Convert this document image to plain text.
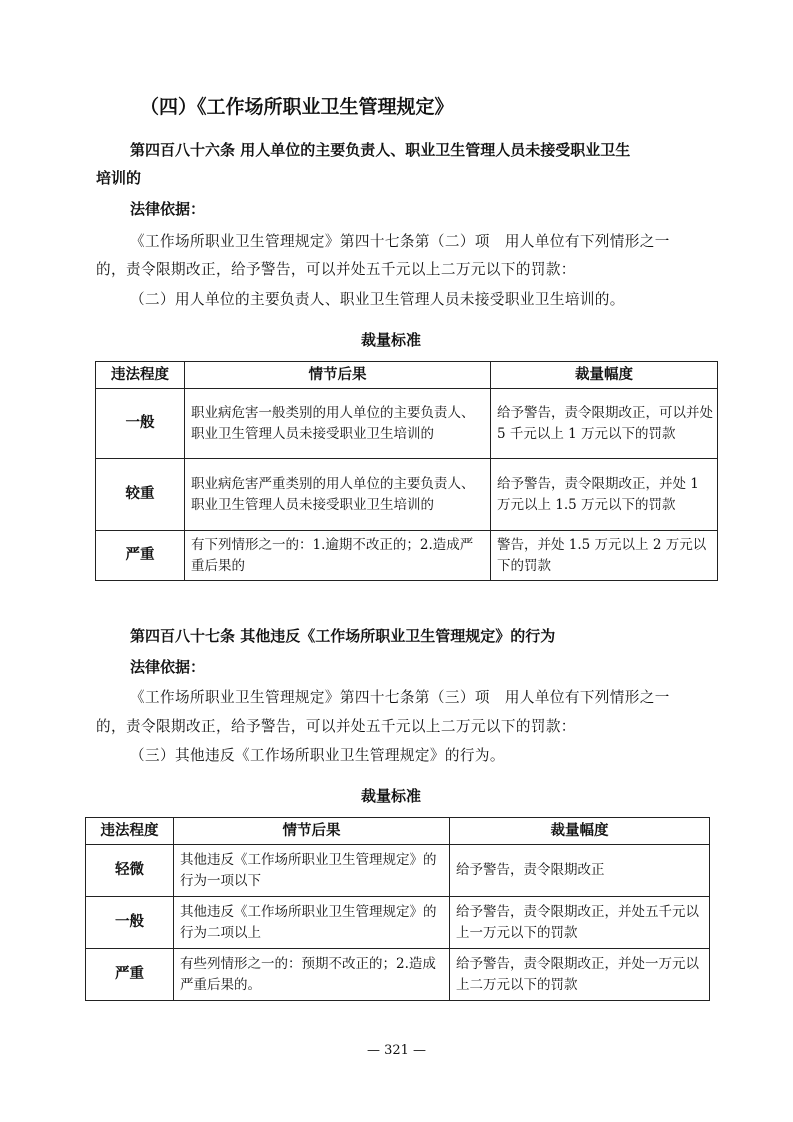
（四）《工作场所职业卫生管理规定》
第四百八十六条 用人单位的主要负责人、职业卫生管理人员未接受职业卫生
培训的
法律依据：
《工作场所职业卫生管理规定》第四十七条第（二）项　用人单位有下列情形之一
的，责令限期改正，给予警告，可以并处五千元以上二万元以下的罚款：
（二）用人单位的主要负责人、职业卫生管理人员未接受职业卫生培训的。
裁量标准
违法程度	情节后果	裁量幅度
一般	职业病危害一般类别的用人单位的主要负责人、职业卫生管理人员未接受职业卫生培训的	给予警告，责令限期改正，可以并处 5 千元以上 1 万元以下的罚款
较重	职业病危害严重类别的用人单位的主要负责人、职业卫生管理人员未接受职业卫生培训的	给予警告，责令限期改正，并处 1 万元以上 1.5 万元以下的罚款
严重	有下列情形之一的：1.逾期不改正的；2.造成严重后果的	警告，并处 1.5 万元以上 2 万元以下的罚款
第四百八十七条 其他违反《工作场所职业卫生管理规定》的行为
法律依据：
《工作场所职业卫生管理规定》第四十七条第（三）项　用人单位有下列情形之一
的，责令限期改正，给予警告，可以并处五千元以上二万元以下的罚款：
（三）其他违反《工作场所职业卫生管理规定》的行为。
裁量标准
违法程度	情节后果	裁量幅度
轻微	其他违反《工作场所职业卫生管理规定》的行为一项以下	给予警告，责令限期改正
一般	其他违反《工作场所职业卫生管理规定》的行为二项以上	给予警告，责令限期改正，并处五千元以上一万元以下的罚款
严重	有些列情形之一的：预期不改正的；2.造成严重后果的。	给予警告，责令限期改正，并处一万元以上二万元以下的罚款
— 321 —
